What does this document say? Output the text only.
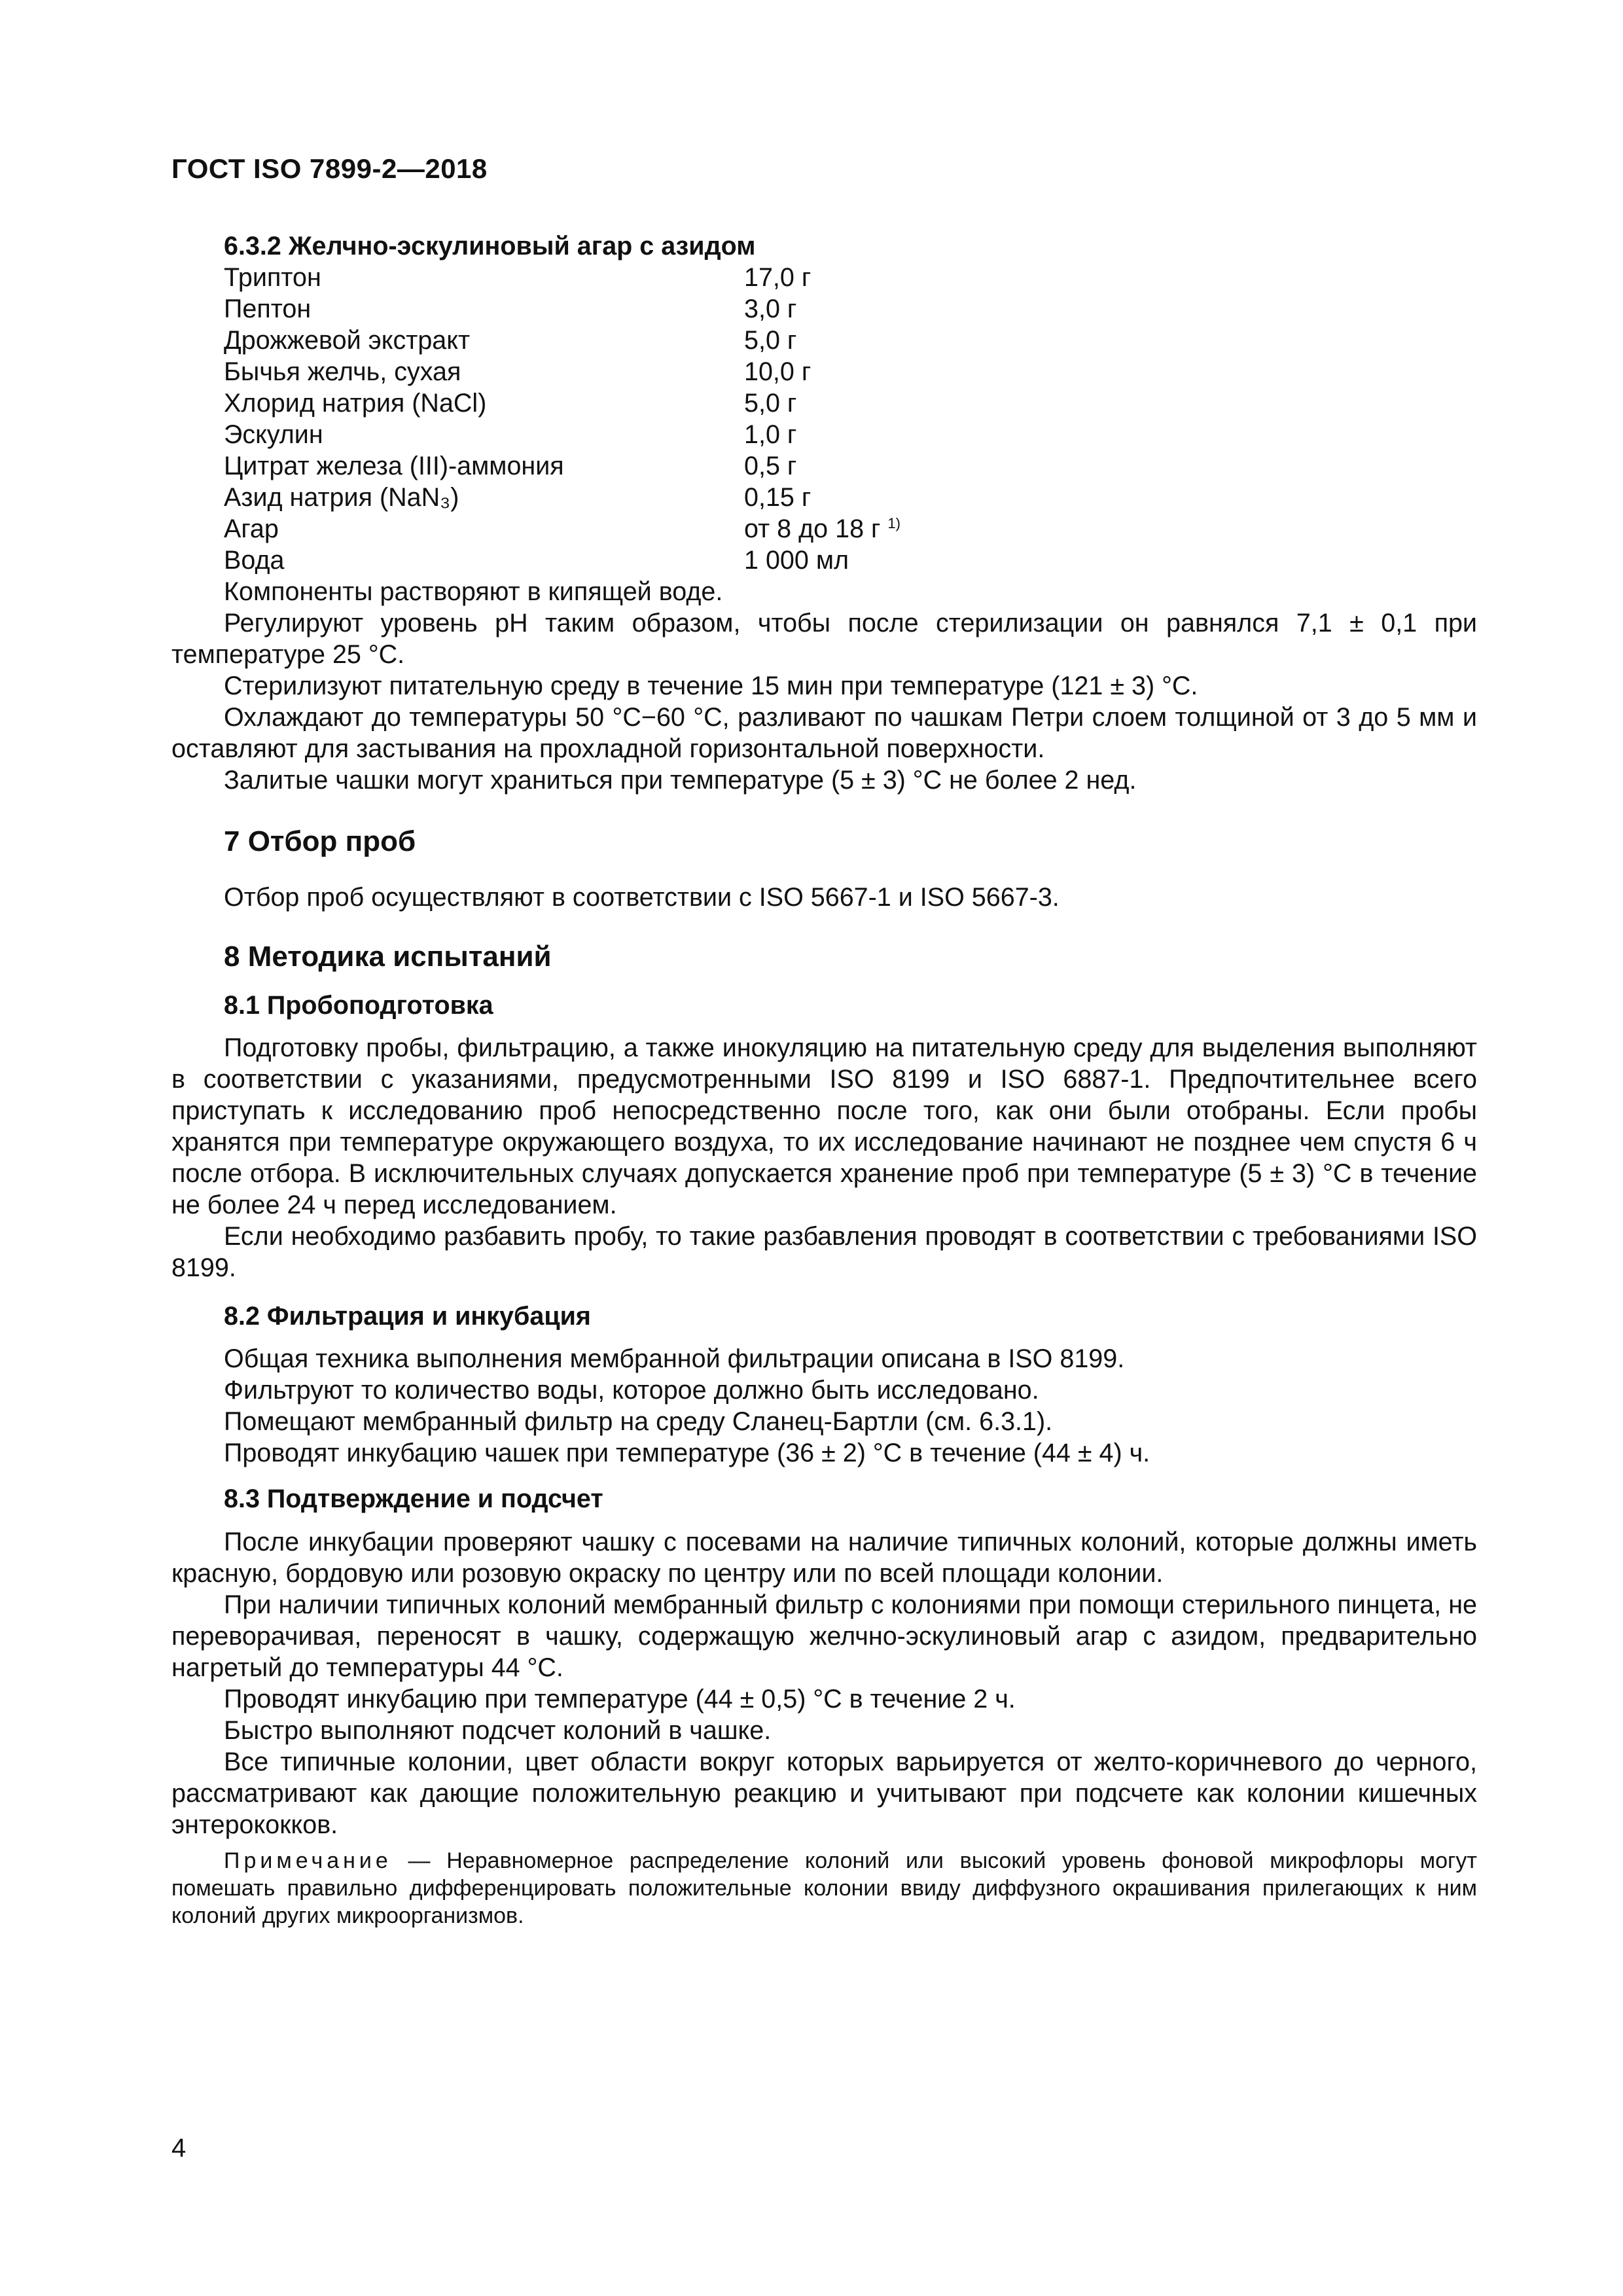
ГОСТ ISO 7899-2—2018
6.3.2 Желчно-эскулиновый агар с азидом
Триптон	17,0 г
Пептон	3,0 г
Дрожжевой экстракт	5,0 г
Бычья желчь, сухая	10,0 г
Хлорид натрия (NaCl)	5,0 г
Эскулин	1,0 г
Цитрат железа (III)-аммония	0,5 г
Азид натрия (NaN₃)	0,15 г
Агар	от 8 до 18 г $^{1)}$
Вода	1 000 мл
Компоненты растворяют в кипящей воде.
Регулируют уровень pH таким образом, чтобы после стерилизации он равнялся 7,1 ± 0,1 при температуре 25 °C.
Стерилизуют питательную среду в течение 15 мин при температуре (121 ± 3) °C.
Охлаждают до температуры 50 °C−60 °C, разливают по чашкам Петри слоем толщиной от 3 до 5 мм и оставляют для застывания на прохладной горизонтальной поверхности.
Залитые чашки могут храниться при температуре (5 ± 3) °C не более 2 нед.
7 Отбор проб
Отбор проб осуществляют в соответствии с ISO 5667-1 и ISO 5667-3.
8 Методика испытаний
8.1 Пробоподготовка
Подготовку пробы, фильтрацию, а также инокуляцию на питательную среду для выделения выполняют в соответствии с указаниями, предусмотренными ISO 8199 и ISO 6887-1. Предпочтительнее всего приступать к исследованию проб непосредственно после того, как они были отобраны. Если пробы хранятся при температуре окружающего воздуха, то их исследование начинают не позднее чем спустя 6 ч после отбора. В исключительных случаях допускается хранение проб при температуре (5 ± 3) °C в течение не более 24 ч перед исследованием.
Если необходимо разбавить пробу, то такие разбавления проводят в соответствии с требованиями ISO 8199.
8.2 Фильтрация и инкубация
Общая техника выполнения мембранной фильтрации описана в ISO 8199.
Фильтруют то количество воды, которое должно быть исследовано.
Помещают мембранный фильтр на среду Сланец-Бартли (см. 6.3.1).
Проводят инкубацию чашек при температуре (36 ± 2) °C в течение (44 ± 4) ч.
8.3 Подтверждение и подсчет
После инкубации проверяют чашку с посевами на наличие типичных колоний, которые должны иметь красную, бордовую или розовую окраску по центру или по всей площади колонии.
При наличии типичных колоний мембранный фильтр с колониями при помощи стерильного пинцета, не переворачивая, переносят в чашку, содержащую желчно-эскулиновый агар с азидом, предварительно нагретый до температуры 44 °C.
Проводят инкубацию при температуре (44 ± 0,5) °C в течение 2 ч.
Быстро выполняют подсчет колоний в чашке.
Все типичные колонии, цвет области вокруг которых варьируется от желто-коричневого до черного, рассматривают как дающие положительную реакцию и учитывают при подсчете как колонии кишечных энтерококков.
Примечание — Неравномерное распределение колоний или высокий уровень фоновой микрофлоры могут помешать правильно дифференцировать положительные колонии ввиду диффузного окрашивания прилегающих к ним колоний других микроорганизмов.
4
